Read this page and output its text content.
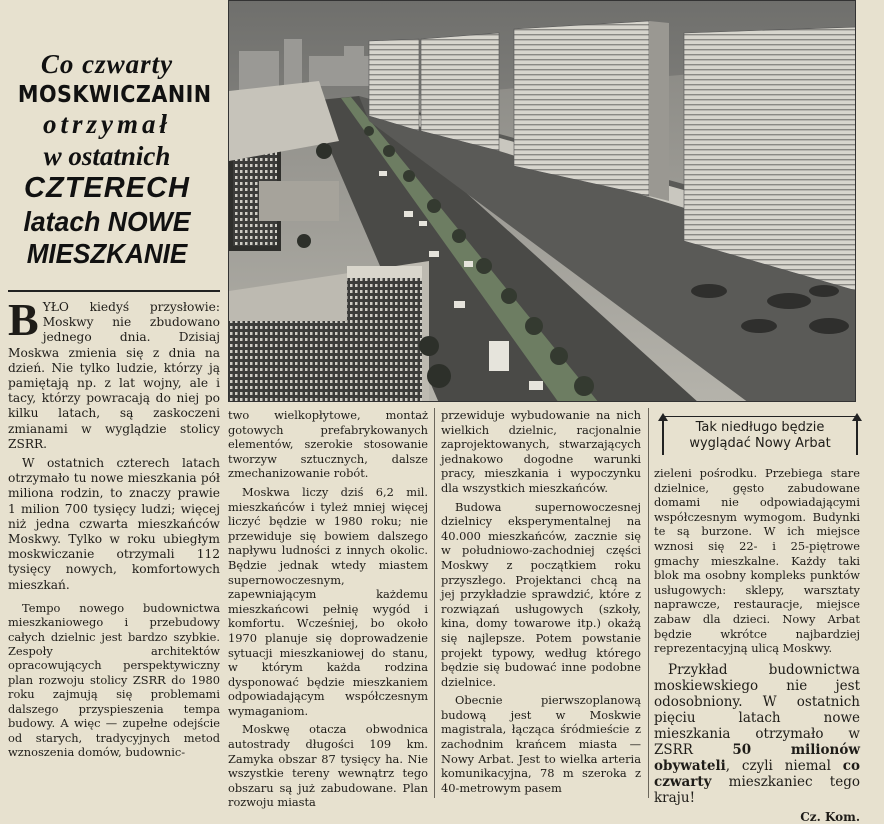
Co czwarty
MOSKWICZANIN
otrzymał
w ostatnich
CZTERECH
latach NOWE
MIESZKANIE
Tak niedługo będzie
wyglądać Nowy Arbat

BYŁO kiedyś przysłowie: Moskwy nie zbudowano jednego dnia. Dzisiaj Moskwa zmienia się z dnia na dzień. Nie tylko ludzie, którzy ją pamiętają np. z lat wojny, ale i tacy, którzy powracają do niej po kilku latach, są zaskoczeni zmianami w wyglądzie stolicy ZSRR.

W ostatnich czterech latach otrzymało tu nowe mieszkania pół miliona rodzin, to znaczy prawie 1 milion 700 tysięcy ludzi; więcej niż jedna czwarta mieszkańców Moskwy. Tylko w roku ubiegłym moskwiczanie otrzymali 112 tysięcy nowych, komfortowych mieszkań.

Tempo nowego budownictwa mieszkaniowego i przebudowy całych dzielnic jest bardzo szybkie. Zespoły architektów opracowujących perspektywiczny plan rozwoju stolicy ZSRR do 1980 roku zajmują się problemami dalszego przyspieszenia tempa budowy. A więc — zupełne odejście od starych, tradycyjnych metod wznoszenia domów, budownic-

two wielkopłytowe, montaż gotowych prefabrykowanych elementów, szerokie stosowanie tworzyw sztucznych, dalsze zmechanizowanie robót.

Moskwa liczy dziś 6,2 mil. mieszkańców i tyleż mniej więcej liczyć będzie w 1980 roku; nie przewiduje się bowiem dalszego napływu ludności z innych okolic. Będzie jednak wtedy miastem supernowoczesnym, zapewniającym każdemu mieszkańcowi pełnię wygód i komfortu. Wcześniej, bo około 1970 planuje się doprowadzenie sytuacji mieszkaniowej do stanu, w którym każda rodzina dysponować będzie mieszkaniem odpowiadającym współczesnym wymaganiom.

Moskwę otacza obwodnica autostrady długości 109 km. Zamyka obszar 87 tysięcy ha. Nie wszystkie tereny wewnątrz tego obszaru są już zabudowane. Plan rozwoju miasta

przewiduje wybudowanie na nich wielkich dzielnic, racjonalnie zaprojektowanych, stwarzających jednakowo dogodne warunki pracy, mieszkania i wypoczynku dla wszystkich mieszkańców.

Budowa supernowoczesnej dzielnicy eksperymentalnej na 40.000 mieszkańców, zacznie się w południowo-zachodniej części Moskwy z początkiem roku przyszłego. Projektanci chcą na jej przykładzie sprawdzić, które z rozwiązań usługowych (szkoły, kina, domy towarowe itp.) okażą się najlepsze. Potem powstanie projekt typowy, według którego będzie się budować inne podobne dzielnice.

Obecnie pierwszoplanową budową jest w Moskwie magistrala, łącząca śródmieście z zachodnim krańcem miasta — Nowy Arbat. Jest to wielka arteria komunikacyjna, 78 m szeroka z 40-metrowym pasem

zieleni pośrodku. Przebiega stare dzielnice, gęsto zabudowane domami nie odpowiadającymi współczesnym wymogom. Budynki te są burzone. W ich miejsce wznosi się 22- i 25-piętrowe gmachy mieszkalne. Każdy taki blok ma osobny kompleks punktów usługowych: sklepy, warsztaty naprawcze, restauracje, miejsce zabaw dla dzieci. Nowy Arbat będzie wkrótce najbardziej reprezentacyjną ulicą Moskwy.

Przykład budownictwa moskiewskiego nie jest odosobniony. W ostatnich pięciu latach nowe mieszkania otrzymało w ZSRR 50 milionów obywateli, czyli niemal co czwarty mieszkaniec tego kraju!

Cz. Kom.
